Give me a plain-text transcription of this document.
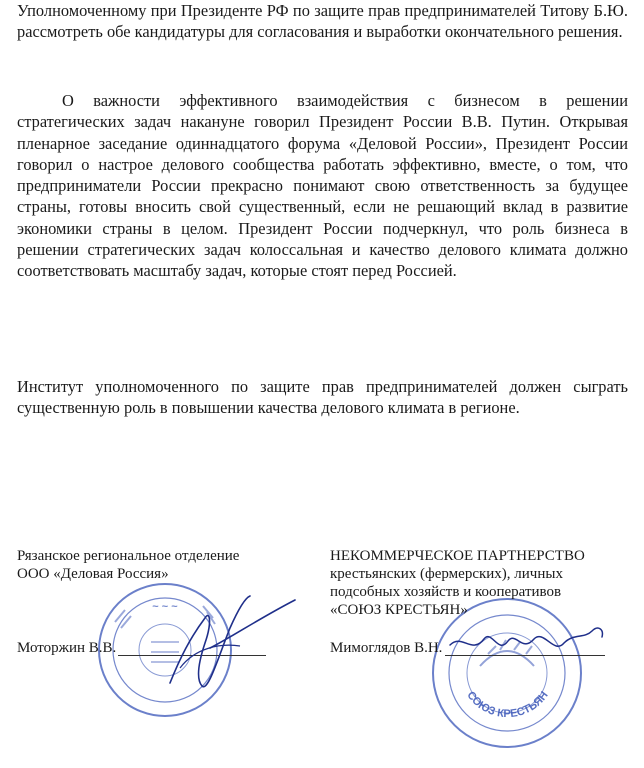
Уполномоченному при Президенте РФ по защите прав предпринимателей Титову Б.Ю. рассмотреть обе кандидатуры для согласования и выработки окончательного решения.

О важности эффективного взаимодействия с бизнесом в решении стратегических задач накануне говорил Президент России В.В. Путин. Открывая пленарное заседание одиннадцатого форума «Деловой России», Президент России говорил о настрое делового сообщества работать эффективно, вместе, о том, что предприниматели России прекрасно понимают свою ответственность за будущее страны, готовы вносить свой существенный, если не решающий вклад в развитие экономики страны в целом. Президент России подчеркнул, что роль бизнеса в решении стратегических задач колоссальная и качество делового климата должно соответствовать масштабу задач, которые стоят перед Россией.

Институт уполномоченного по защите прав предпринимателей должен сыграть существенную роль в повышении качества делового климата в регионе.

~ ~ ~
СОЮЗ КРЕСТЬЯН

Рязанское региональное отделение
ООО «Деловая Россия»

НЕКОММЕРЧЕСКОЕ ПАРТНЕРСТВО
крестьянских (фермерских), личных
подсобных хозяйств и кооперативов
«СОЮЗ КРЕСТЬЯН»

Моторжин В.В.	Мимоглядов В.Н.
